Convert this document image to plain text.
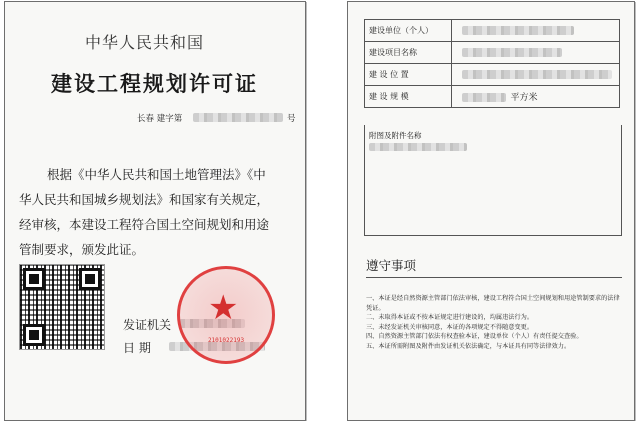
中华人民共和国
建设工程规划许可证
长春 建字第	号
根据《中华人民共和国土地管理法》《中
华人民共和国城乡规划法》和国家有关规定，
经审核，本建设工程符合国土空间规划和用途
管制要求，颁发此证。
发证机关
日 期
★
2101022193
建设单位（个人）	

建设项目名称	

建 设 位 置	

建 设 规 模	平方米
附图及附件名称
遵守事项
一、本证是经自然资源主管部门依法审核，建设工程符合国土空间规划和用途管制要求的法律凭证。
二、未取得本证或不按本证规定进行建设的，均属违法行为。
三、未经发证机关审核同意，本证的各项规定不得随意变更。
四、自然资源主管部门依法有权查验本证，建设单位（个人）有责任提交查验。
五、本证所需附图及附件由发证机关依法确定，与本证具有同等法律效力。
